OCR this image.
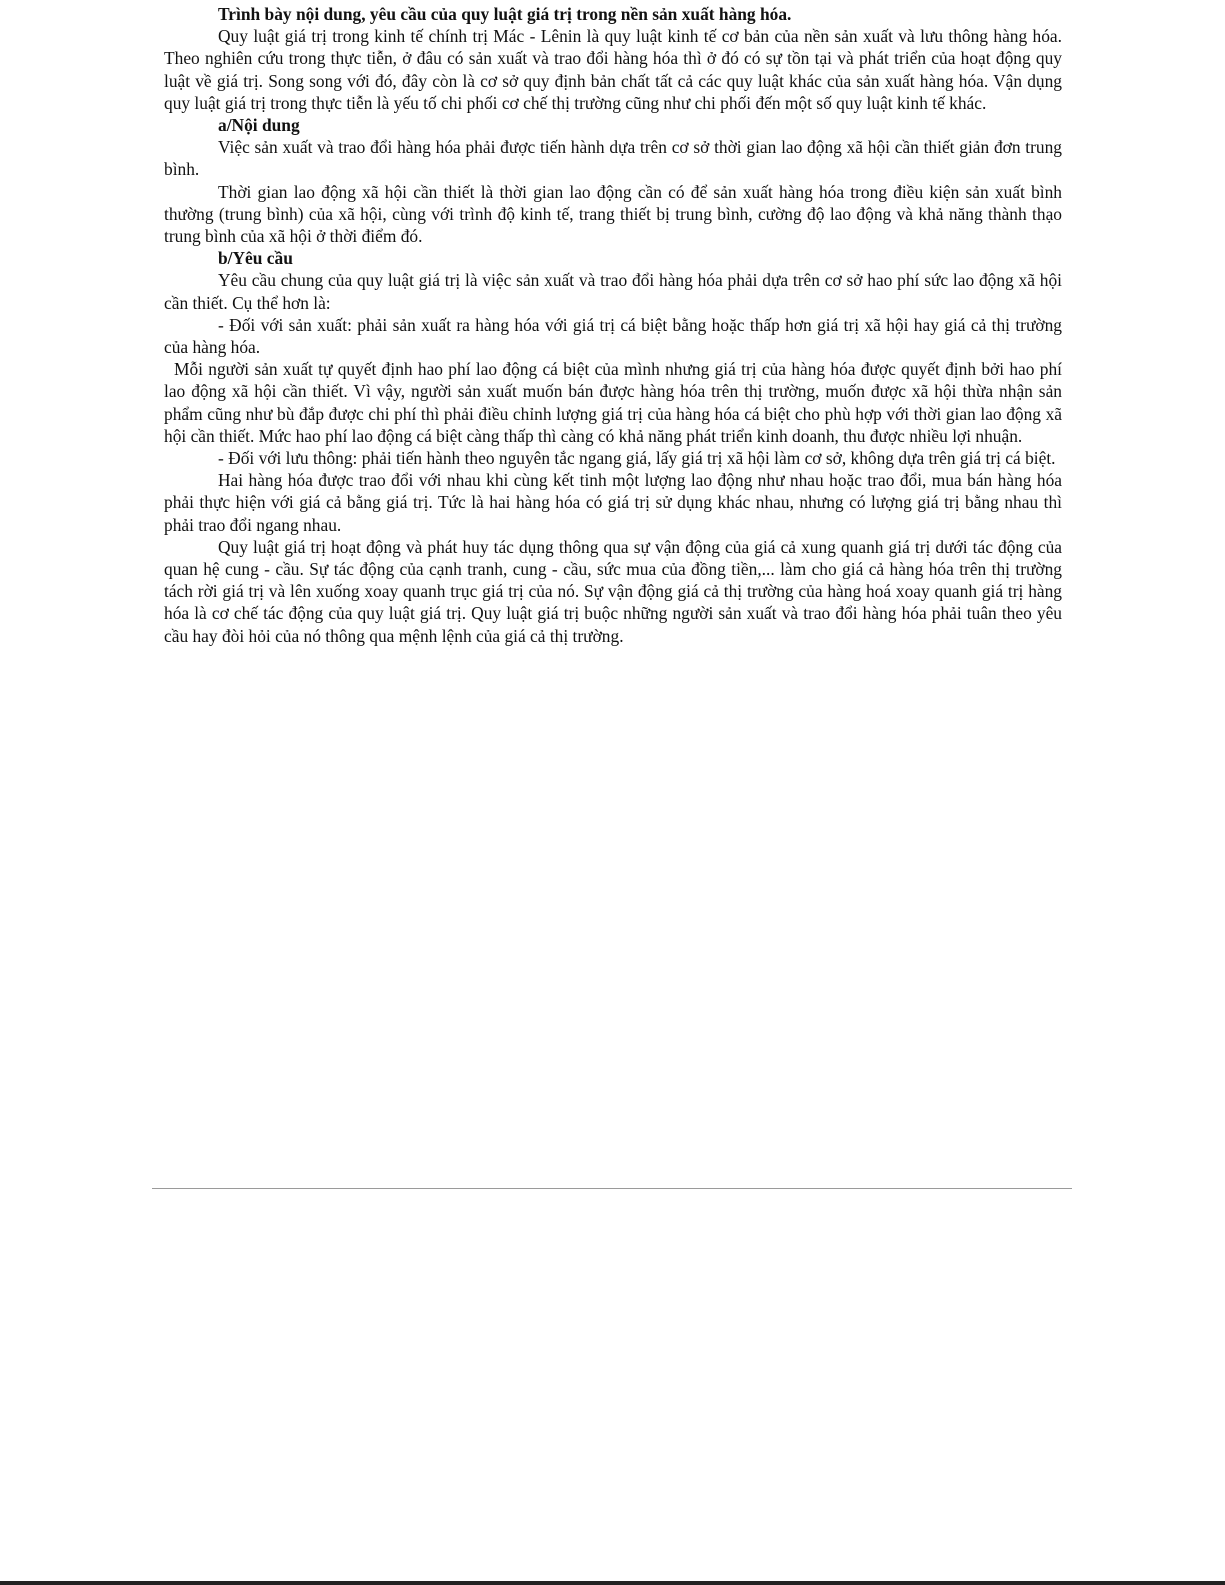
Trình bày nội dung, yêu cầu của quy luật giá trị trong nền sản xuất hàng hóa.

Quy luật giá trị trong kinh tế chính trị Mác - Lênin là quy luật kinh tế cơ bản của nền sản xuất và lưu thông hàng hóa. Theo nghiên cứu trong thực tiễn, ở đâu có sản xuất và trao đổi hàng hóa thì ở đó có sự tồn tại và phát triển của hoạt động quy luật về giá trị. Song song với đó, đây còn là cơ sở quy định bản chất tất cả các quy luật khác của sản xuất hàng hóa. Vận dụng quy luật giá trị trong thực tiễn là yếu tố chi phối cơ chế thị trường cũng như chi phối đến một số quy luật kinh tế khác.

a/Nội dung

Việc sản xuất và trao đổi hàng hóa phải được tiến hành dựa trên cơ sở thời gian lao động xã hội cần thiết giản đơn trung bình.

Thời gian lao động xã hội cần thiết là thời gian lao động cần có để sản xuất hàng hóa trong điều kiện sản xuất bình thường (trung bình) của xã hội, cùng với trình độ kinh tế, trang thiết bị trung bình, cường độ lao động và khả năng thành thạo trung bình của xã hội ở thời điểm đó.

b/Yêu cầu

Yêu cầu chung của quy luật giá trị là việc sản xuất và trao đổi hàng hóa phải dựa trên cơ sở hao phí sức lao động xã hội cần thiết. Cụ thể hơn là:

- Đối với sản xuất: phải sản xuất ra hàng hóa với giá trị cá biệt bằng hoặc thấp hơn giá trị xã hội hay giá cả thị trường của hàng hóa.

Mỗi người sản xuất tự quyết định hao phí lao động cá biệt của mình nhưng giá trị của hàng hóa được quyết định bởi hao phí lao động xã hội cần thiết. Vì vậy, người sản xuất muốn bán được hàng hóa trên thị trường, muốn được xã hội thừa nhận sản phẩm cũng như bù đắp được chi phí thì phải điều chỉnh lượng giá trị của hàng hóa cá biệt cho phù hợp với thời gian lao động xã hội cần thiết. Mức hao phí lao động cá biệt càng thấp thì càng có khả năng phát triển kinh doanh, thu được nhiều lợi nhuận.

- Đối với lưu thông: phải tiến hành theo nguyên tắc ngang giá, lấy giá trị xã hội làm cơ sở, không dựa trên giá trị cá biệt.

Hai hàng hóa được trao đổi với nhau khi cùng kết tinh một lượng lao động như nhau hoặc trao đổi, mua bán hàng hóa phải thực hiện với giá cả bằng giá trị. Tức là hai hàng hóa có giá trị sử dụng khác nhau, nhưng có lượng giá trị bằng nhau thì phải trao đổi ngang nhau.

Quy luật giá trị hoạt động và phát huy tác dụng thông qua sự vận động của giá cả xung quanh giá trị dưới tác động của quan hệ cung - cầu. Sự tác động của cạnh tranh, cung - cầu, sức mua của đồng tiền,... làm cho giá cả hàng hóa trên thị trường tách rời giá trị và lên xuống xoay quanh trục giá trị của nó. Sự vận động giá cả thị trường của hàng hoá xoay quanh giá trị hàng hóa là cơ chế tác động của quy luật giá trị. Quy luật giá trị buộc những người sản xuất và trao đổi hàng hóa phải tuân theo yêu cầu hay đòi hỏi của nó thông qua mệnh lệnh của giá cả thị trường.
